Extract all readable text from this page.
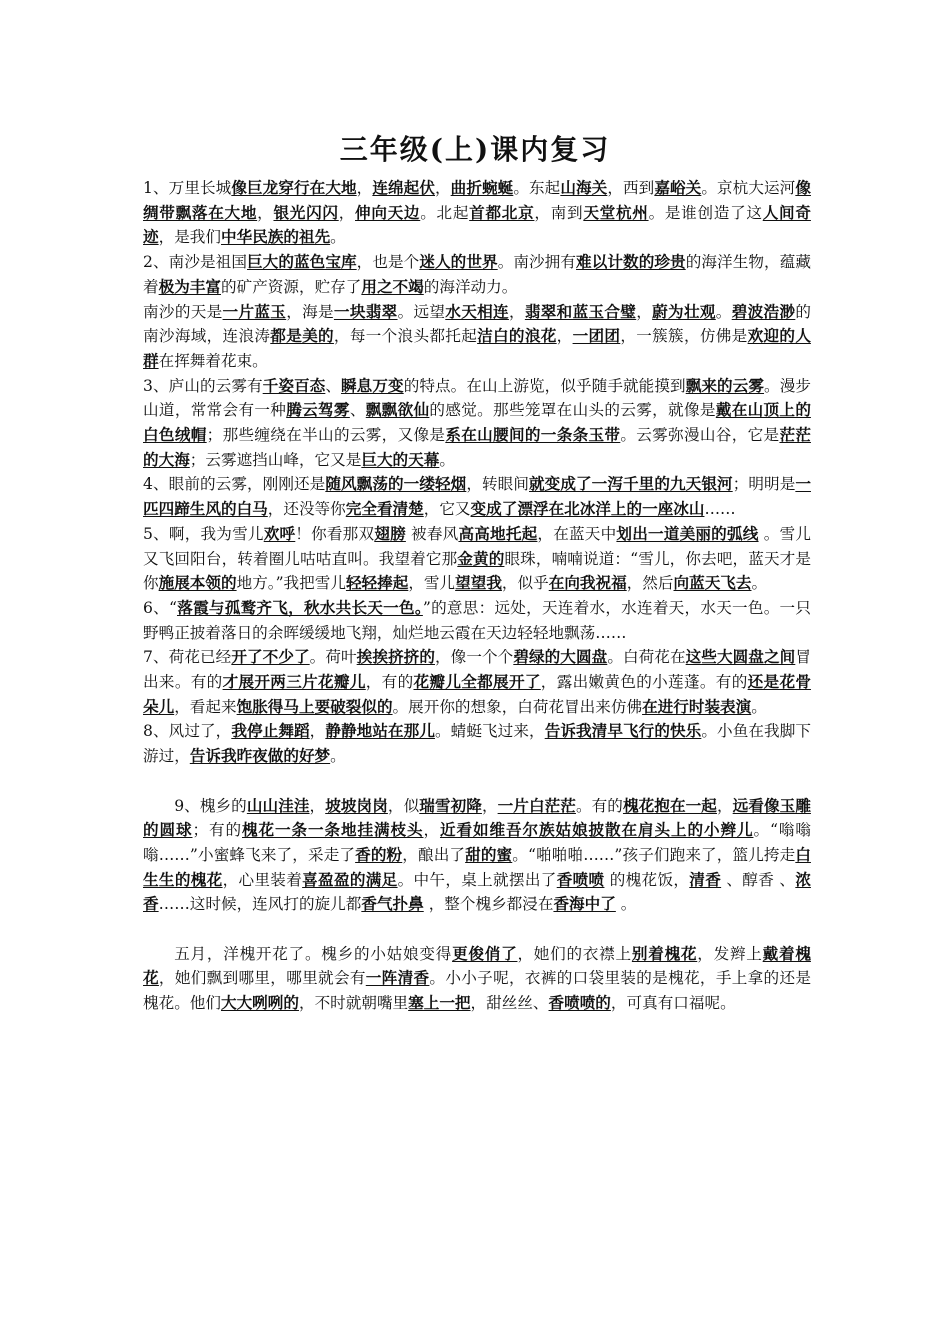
三年级(上)课内复习

1、万里长城像巨龙穿行在大地，连绵起伏，曲折蜿蜒。东起山海关，西到嘉峪关。京杭大运河像绸带飘落在大地，银光闪闪，伸向天边。北起首都北京，南到天堂杭州。是谁创造了这人间奇迹，是我们中华民族的祖先。

2、南沙是祖国巨大的蓝色宝库，也是个迷人的世界。南沙拥有难以计数的珍贵的海洋生物，蕴藏着极为丰富的矿产资源，贮存了用之不竭的海洋动力。

南沙的天是一片蓝玉，海是一块翡翠。远望水天相连，翡翠和蓝玉合璧，蔚为壮观。碧波浩渺的南沙海域，连浪涛都是美的，每一个浪头都托起洁白的浪花，一团团，一簇簇，仿佛是欢迎的人群在挥舞着花束。

3、庐山的云雾有千姿百态、瞬息万变的特点。在山上游览，似乎随手就能摸到飘来的云雾。漫步山道，常常会有一种腾云驾雾、飘飘欲仙的感觉。那些笼罩在山头的云雾，就像是戴在山顶上的白色绒帽；那些缠绕在半山的云雾，又像是系在山腰间的一条条玉带。云雾弥漫山谷，它是茫茫的大海；云雾遮挡山峰，它又是巨大的天幕。

4、眼前的云雾，刚刚还是随风飘荡的一缕轻烟，转眼间就变成了一泻千里的九天银河；明明是一匹四蹄生风的白马，还没等你完全看清楚，它又变成了漂浮在北冰洋上的一座冰山……

5、啊，我为雪儿欢呼！你看那双翅膀 被春风高高地托起，在蓝天中划出一道美丽的弧线 。雪儿又飞回阳台，转着圈儿咕咕直叫。我望着它那金黄的眼珠，喃喃说道：“雪儿，你去吧，蓝天才是你施展本领的地方。”我把雪儿轻轻捧起，雪儿望望我，似乎在向我祝福，然后向蓝天飞去。

6、“落霞与孤鹜齐飞，秋水共长天一色。”的意思：远处，天连着水，水连着天，水天一色。一只野鸭正披着落日的余晖缓缓地飞翔，灿烂地云霞在天边轻轻地飘荡……

7、荷花已经开了不少了。荷叶挨挨挤挤的，像一个个碧绿的大圆盘。白荷花在这些大圆盘之间冒出来。有的才展开两三片花瓣儿，有的花瓣儿全都展开了，露出嫩黄色的小莲蓬。有的还是花骨朵儿，看起来饱胀得马上要破裂似的。展开你的想象，白荷花冒出来仿佛在进行时装表演。

8、风过了，我停止舞蹈，静静地站在那儿。蜻蜓飞过来，告诉我清早飞行的快乐。小鱼在我脚下游过，告诉我昨夜做的好梦。

9、槐乡的山山洼洼，坡坡岗岗，似瑞雪初降，一片白茫茫。有的槐花抱在一起，远看像玉雕的圆球；有的槐花一条一条地挂满枝头，近看如维吾尔族姑娘披散在肩头上的小辫儿。“嗡嗡嗡……”小蜜蜂飞来了，采走了香的粉，酿出了甜的蜜。“啪啪啪……”孩子们跑来了，篮儿挎走白生生的槐花，心里装着喜盈盈的满足。中午，桌上就摆出了香喷喷 的槐花饭，清香 、醇香 、浓香……这时候，连风打的旋儿都香气扑鼻 ，整个槐乡都浸在香海中了 。

五月，洋槐开花了。槐乡的小姑娘变得更俊俏了，她们的衣襟上别着槐花，发辫上戴着槐花，她们飘到哪里，哪里就会有一阵清香。小小子呢，衣裤的口袋里装的是槐花，手上拿的还是槐花。他们大大咧咧的，不时就朝嘴里塞上一把，甜丝丝、香喷喷的，可真有口福呢。
